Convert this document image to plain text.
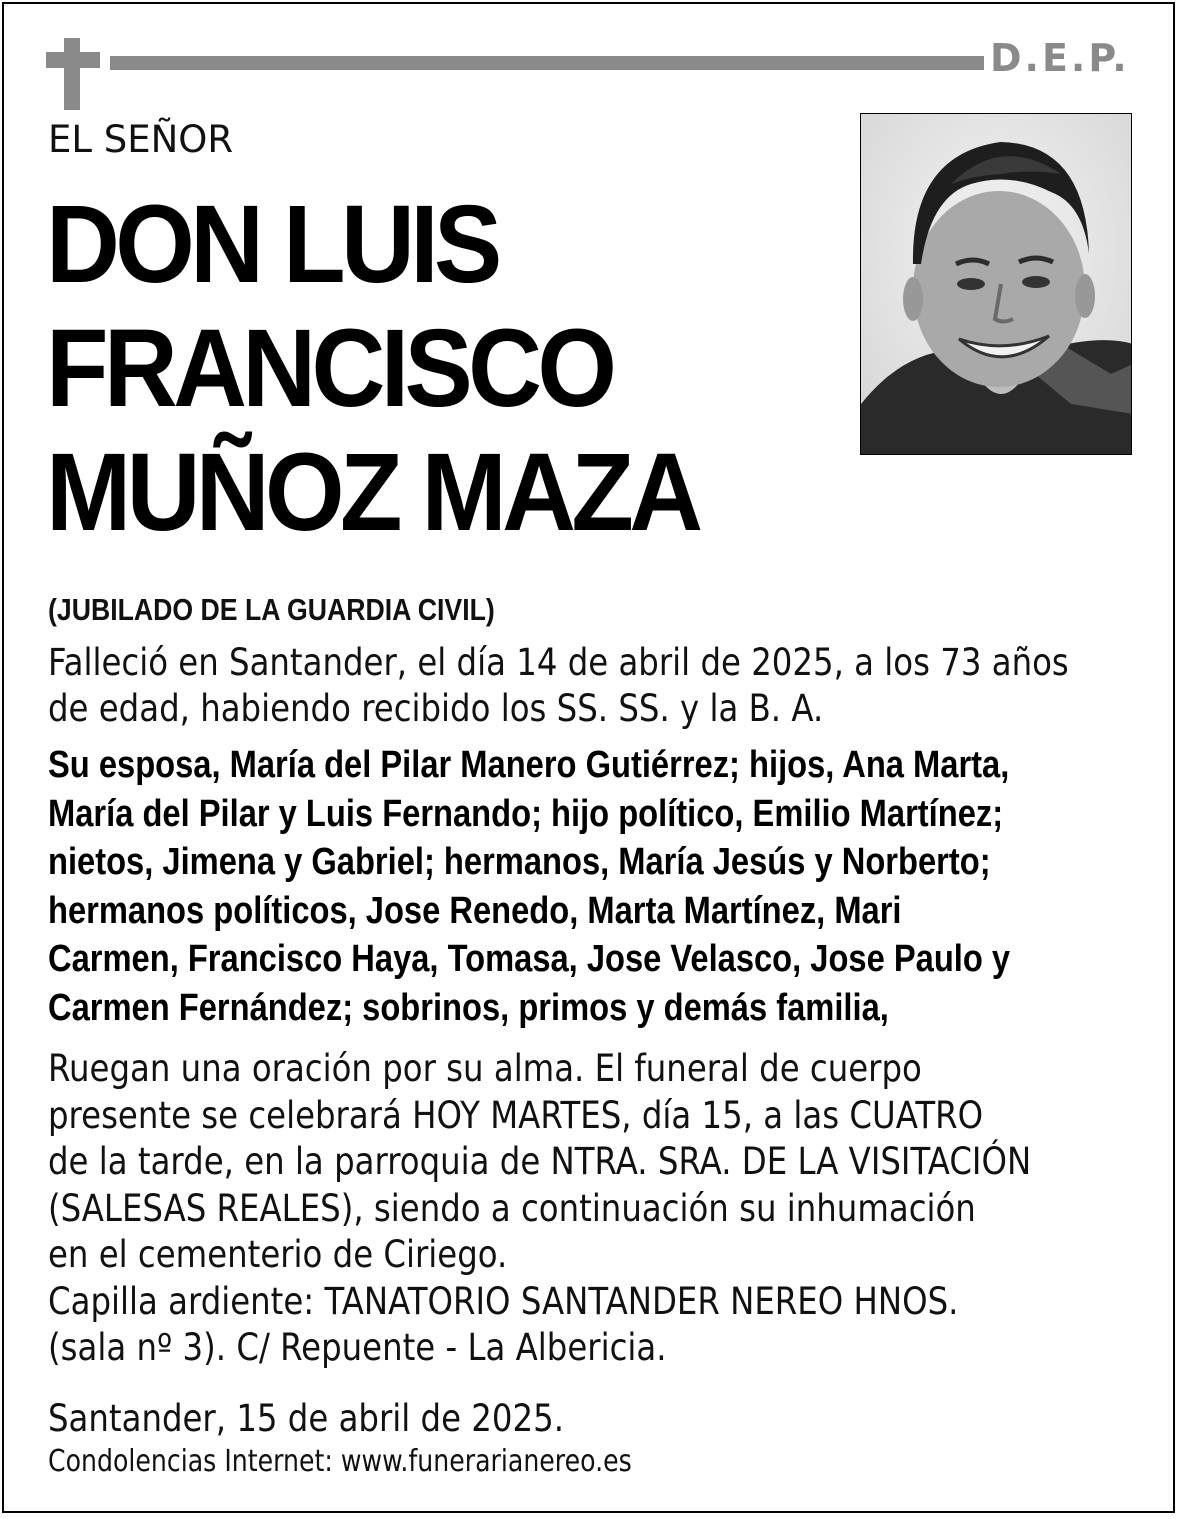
D.E.P.
EL SEÑOR
DON LUIS
FRANCISCO
MUÑOZ MAZA
(JUBILADO DE LA GUARDIA CIVIL)
Falleció en Santander, el día 14 de abril de 2025, a los 73 años
de edad, habiendo recibido los SS. SS. y la B. A.
Su esposa, María del Pilar Manero Gutiérrez; hijos, Ana Marta,
María del Pilar y Luis Fernando; hijo político, Emilio Martínez;
nietos, Jimena y Gabriel; hermanos, María Jesús y Norberto;
hermanos políticos, Jose Renedo, Marta Martínez, Mari
Carmen, Francisco Haya, Tomasa, Jose Velasco, Jose Paulo y
Carmen Fernández; sobrinos, primos y demás familia,
Ruegan una oración por su alma. El funeral de cuerpo
presente se celebrará HOY MARTES, día 15, a las CUATRO
de la tarde, en la parroquia de NTRA. SRA. DE LA VISITACIÓN
(SALESAS REALES), siendo a continuación su inhumación
en el cementerio de Ciriego.
Capilla ardiente: TANATORIO SANTANDER NEREO HNOS.
(sala nº 3). C/ Repuente - La Albericia.
Santander, 15 de abril de 2025.
Condolencias Internet: www.funerarianereo.es
